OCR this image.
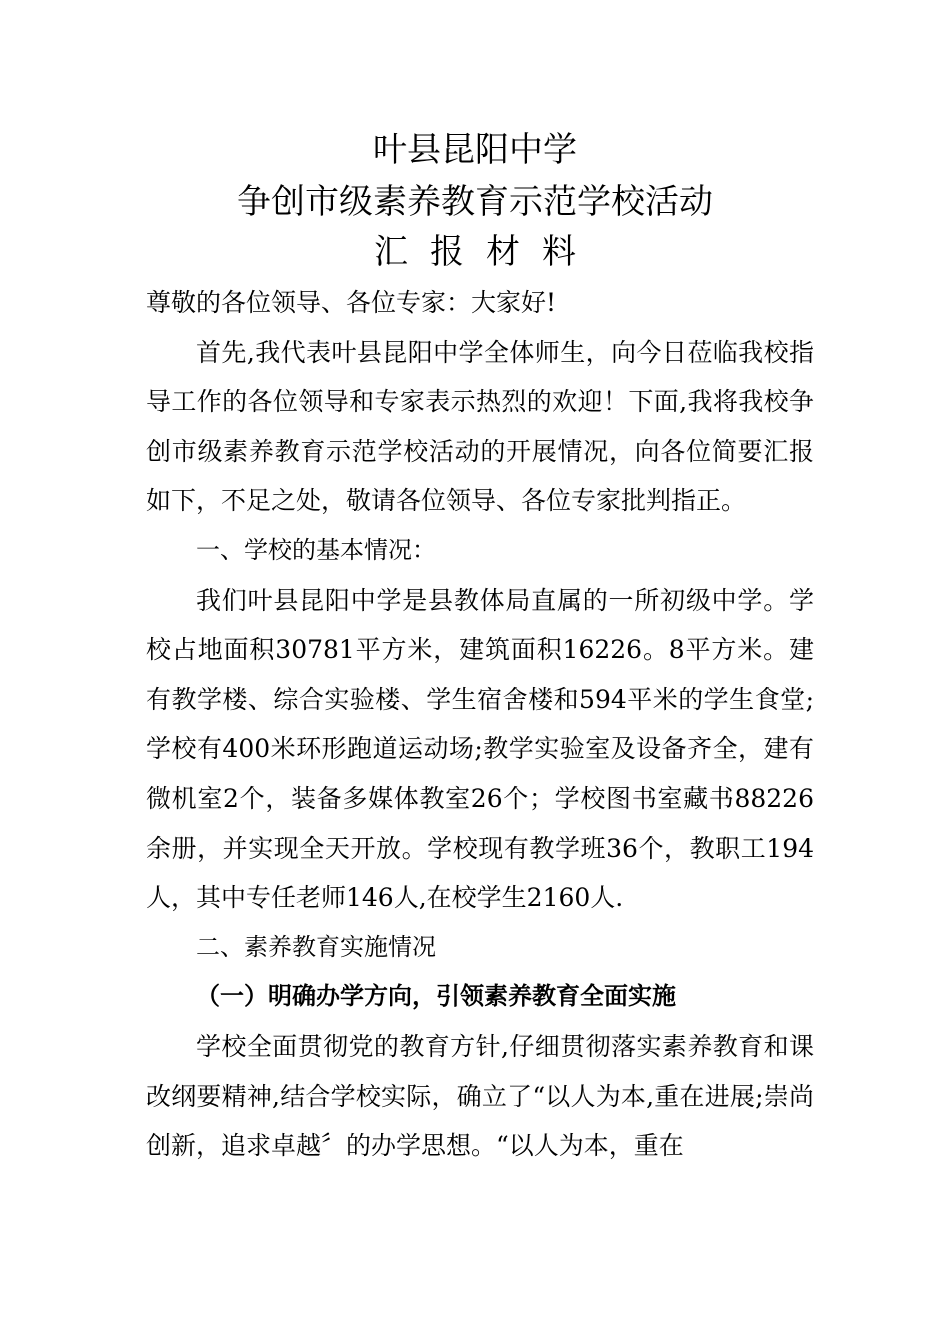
叶县昆阳中学
争创市级素养教育示范学校活动
汇报材料

尊敬的各位领导、各位专家：大家好!

首先,我代表叶县昆阳中学全体师生，向今日莅临我校指导工作的各位领导和专家表示热烈的欢迎！下面,我将我校争创市级素养教育示范学校活动的开展情况，向各位简要汇报如下，不足之处，敬请各位领导、各位专家批判指正。

一、学校的基本情况：

我们叶县昆阳中学是县教体局直属的一所初级中学。学校占地面积30781平方米，建筑面积16226。8平方米。建有教学楼、综合实验楼、学生宿舍楼和594平米的学生食堂;学校有400米环形跑道运动场;教学实验室及设备齐全，建有微机室2个，装备多媒体教室26个；学校图书室藏书88226余册，并实现全天开放。学校现有教学班36个，教职工194人，其中专任老师146人,在校学生2160人.

二、素养教育实施情况

（一）明确办学方向，引领素养教育全面实施

学校全面贯彻党的教育方针,仔细贯彻落实素养教育和课改纲要精神,结合学校实际，确立了“以人为本,重在进展;崇尚创新，追求卓越〞的办学思想。“以人为本，重在
